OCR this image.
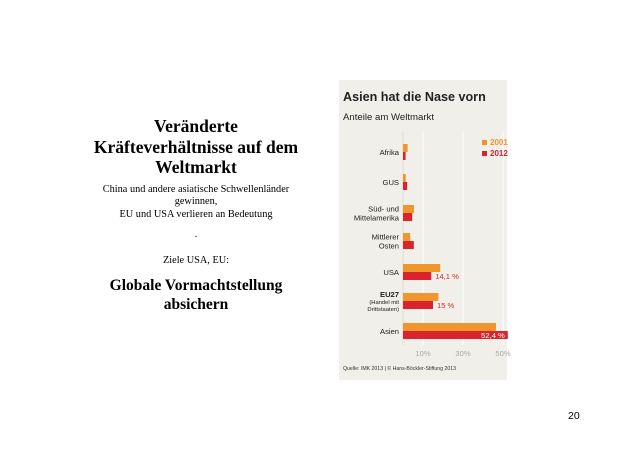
Veränderte
Kräfteverhältnisse auf dem
Weltmarkt
China und andere asiatische Schwellenländer
gewinnen,
EU und USA verlieren an Bedeutung
.
Ziele USA, EU:
Globale Vormachtstellung
absichern
Asien hat die Nase vorn
Anteile am Weltmarkt
2001
2012
Afrika
GUS
Süd- und
Mittelamerika
Mittlerer
Osten
USA
EU27
(Handel mit
Drittstaaten)
Asien
14,1 %
15 %
52,4 %
10%	30%	50%
Quelle: IMK 2013 | © Hans-Böckler-Stiftung 2013
20
